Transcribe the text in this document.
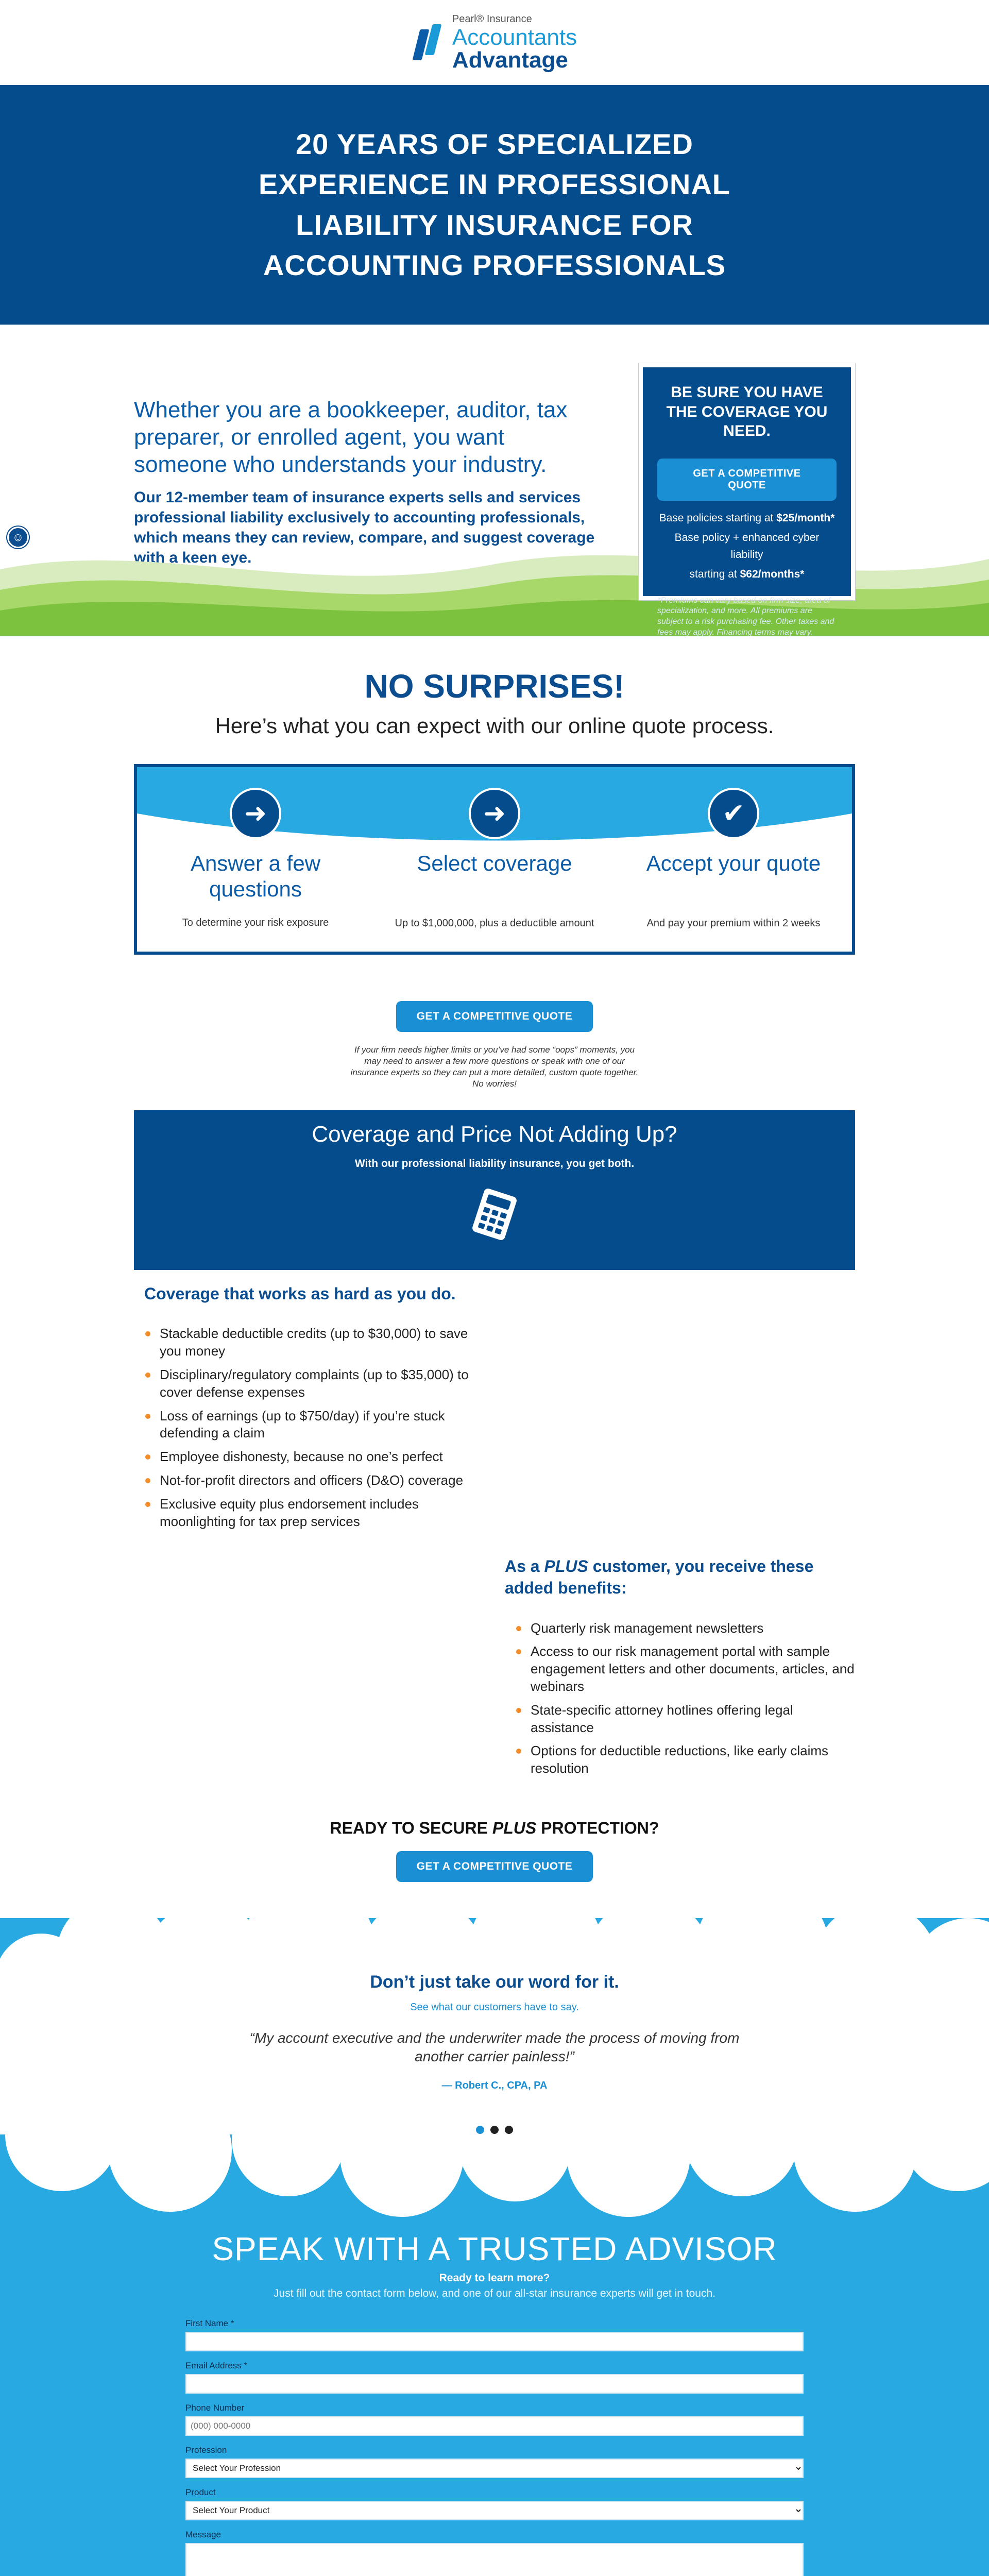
Pearl® Insurance
Accountants
Advantage
20 YEARS OF SPECIALIZED EXPERIENCE IN PROFESSIONAL LIABILITY INSURANCE FOR ACCOUNTING PROFESSIONALS
☺

Whether you are a bookkeeper, auditor, tax preparer, or enrolled agent, you want someone who understands your industry.

Our 12-member team of insurance experts sells and services professional liability exclusively to accounting professionals, which means they can review, compare, and suggest coverage with a keen eye.

BE SURE YOU HAVE THE COVERAGE YOU NEED.
GET A COMPETITIVE QUOTE

Base policies starting at $25/month*

Base policy + enhanced cyber liability

starting at $62/months*

*Premiums can vary based on firm size, area of specialization, and more. All premiums are subject to a risk purchasing fee. Other taxes and fees may apply. Financing terms may vary.

NO SURPRISES!

Here’s what you can expect with our online quote process.

➜
Answer a few questions

To determine your risk exposure

➜
Select coverage

Up to $1,000,000, plus a deductible amount

✔
Accept your quote

And pay your premium within 2 weeks

GET A COMPETITIVE QUOTE

If your firm needs higher limits or you’ve had some “oops” moments, you may need to answer a few more questions or speak with one of our insurance experts so they can put a more detailed, custom quote together. No worries!

Coverage and Price Not Adding Up?

With our professional liability insurance, you get both.

Coverage that works as hard as you do.
Stackable deductible credits (up to $30,000) to save you money
Disciplinary/regulatory complaints (up to $35,000) to cover defense expenses
Loss of earnings (up to $750/day) if you’re stuck defending a claim
Employee dishonesty, because no one’s perfect
Not-for-profit directors and officers (D&O) coverage
Exclusive equity plus endorsement includes moonlighting for tax prep services
As a PLUS customer, you receive these added benefits:
Quarterly risk management newsletters
Access to our risk management portal with sample engagement letters and other documents, articles, and webinars
State-specific attorney hotlines offering legal assistance
Options for deductible reductions, like early claims resolution
READY TO SECURE PLUS PROTECTION?
GET A COMPETITIVE QUOTE
Don’t just take our word for it.

See what our customers have to say.

“My account executive and the underwriter made the process of moving from another carrier painless!”

— Robert C., CPA, PA

SPEAK WITH A TRUSTED ADVISOR

Ready to learn more?

Just fill out the contact form below, and one of our all-star insurance experts will get in touch.

First Name *
Email Address *
Phone Number
(000) 000-0000
Profession
Select Your Profession
Product
Select Your Product
Message
